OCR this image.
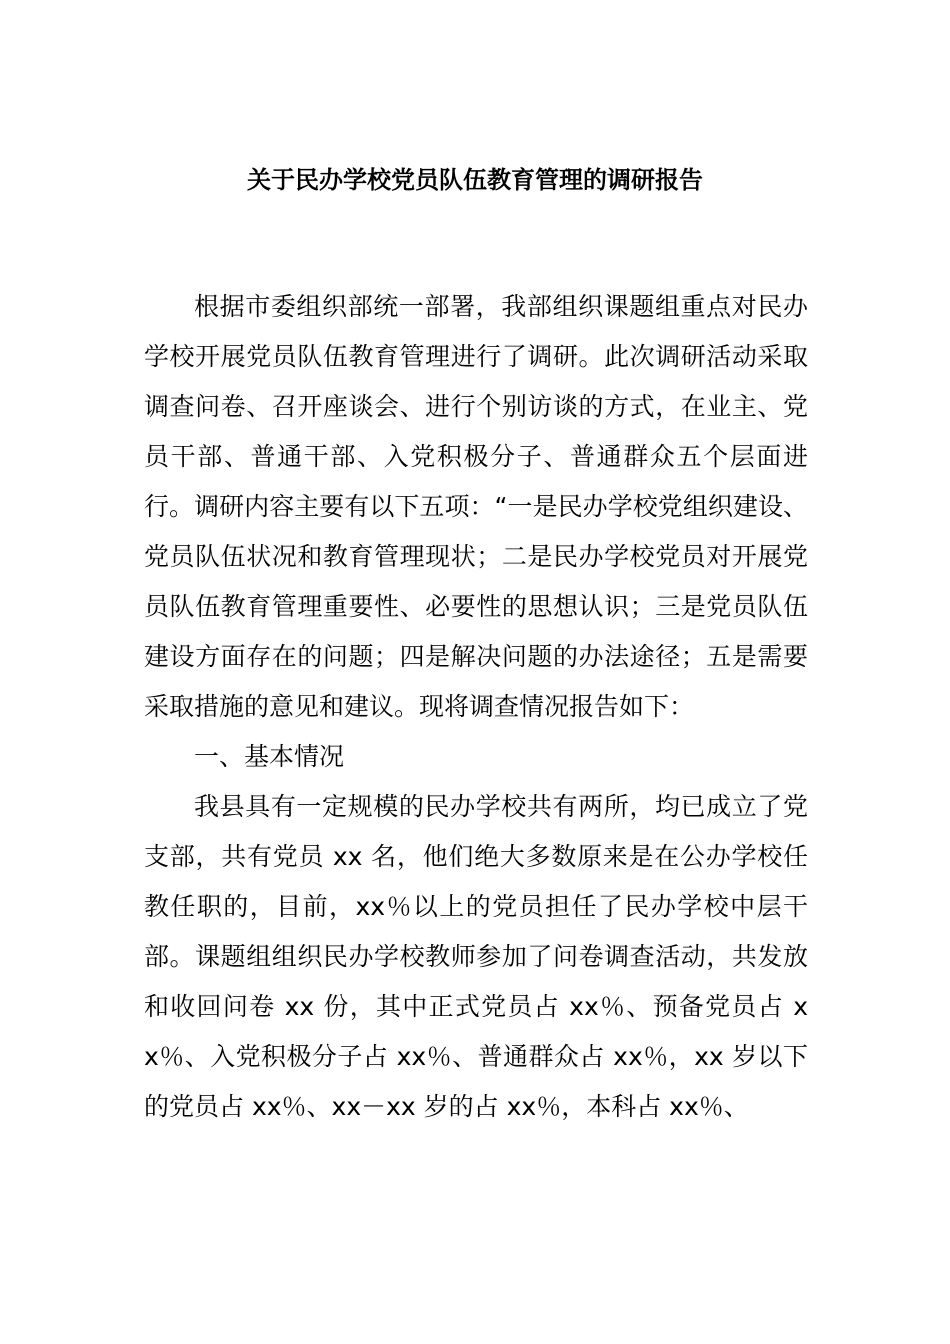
关于民办学校党员队伍教育管理的调研报告

根据市委组织部统一部署，我部组织课题组重点对民办学校开展党员队伍教育管理进行了调研。此次调研活动采取调查问卷、召开座谈会、进行个别访谈的方式，在业主、党员干部、普通干部、入党积极分子、普通群众五个层面进行。调研内容主要有以下五项：“一是民办学校党组织建设、党员队伍状况和教育管理现状；二是民办学校党员对开展党员队伍教育管理重要性、必要性的思想认识；三是党员队伍建设方面存在的问题；四是解决问题的办法途径；五是需要采取措施的意见和建议。现将调查情况报告如下：

一、基本情况

我县具有一定规模的民办学校共有两所，均已成立了党支部，共有党员 xx 名，他们绝大多数原来是在公办学校任教任职的，目前，xx％以上的党员担任了民办学校中层干部。课题组组织民办学校教师参加了问卷调查活动，共发放和收回问卷 xx 份，其中正式党员占 xx％、预备党员占 xx％、入党积极分子占 xx％、普通群众占 xx％，xx 岁以下的党员占 xx％、xx－xx 岁的占 xx％，本科占 xx％、
